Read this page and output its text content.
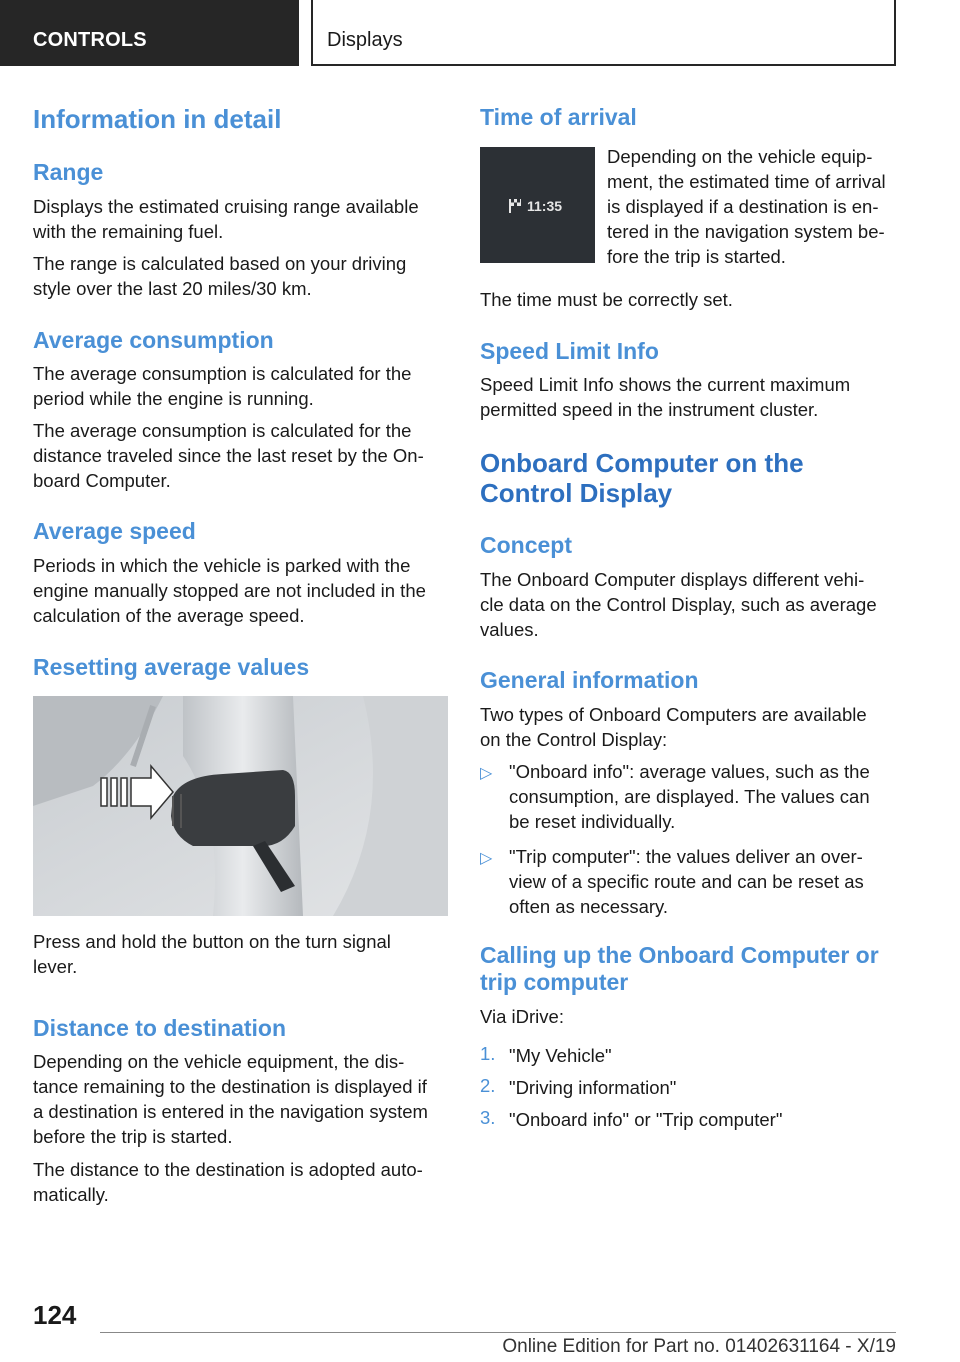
CONTROLS	Displays
Information in detail
Range
Displays the estimated cruising range available
with the remaining fuel.
The range is calculated based on your driving
style over the last 20 miles/30 km.
Average consumption
The average consumption is calculated for the
period while the engine is running.
The average consumption is calculated for the
distance traveled since the last reset by the On‐
board Computer.
Average speed
Periods in which the vehicle is parked with the
engine manually stopped are not included in the
calculation of the average speed.
Resetting average values
Press and hold the button on the turn signal
lever.
Distance to destination
Depending on the vehicle equipment, the dis‐
tance remaining to the destination is displayed if
a destination is entered in the navigation system
before the trip is started.
The distance to the destination is adopted auto‐
matically.
Time of arrival
11:35
Depending on the vehicle equip‐
ment, the estimated time of arrival
is displayed if a destination is en‐
tered in the navigation system be‐
fore the trip is started.
The time must be correctly set.
Speed Limit Info
Speed Limit Info shows the current maximum
permitted speed in the instrument cluster.
Onboard Computer on the
Control Display
Concept
The Onboard Computer displays different vehi‐
cle data on the Control Display, such as average
values.
General information
Two types of Onboard Computers are available
on the Control Display:
▷ "Onboard info": average values, such as the
consumption, are displayed. The values can
be reset individually.
▷ "Trip computer": the values deliver an over‐
view of a specific route and can be reset as
often as necessary.
Calling up the Onboard Computer or
trip computer
Via iDrive:
1. "My Vehicle"
2. "Driving information"
3. "Onboard info" or "Trip computer"
124
Online Edition for Part no. 01402631164 - X/19
